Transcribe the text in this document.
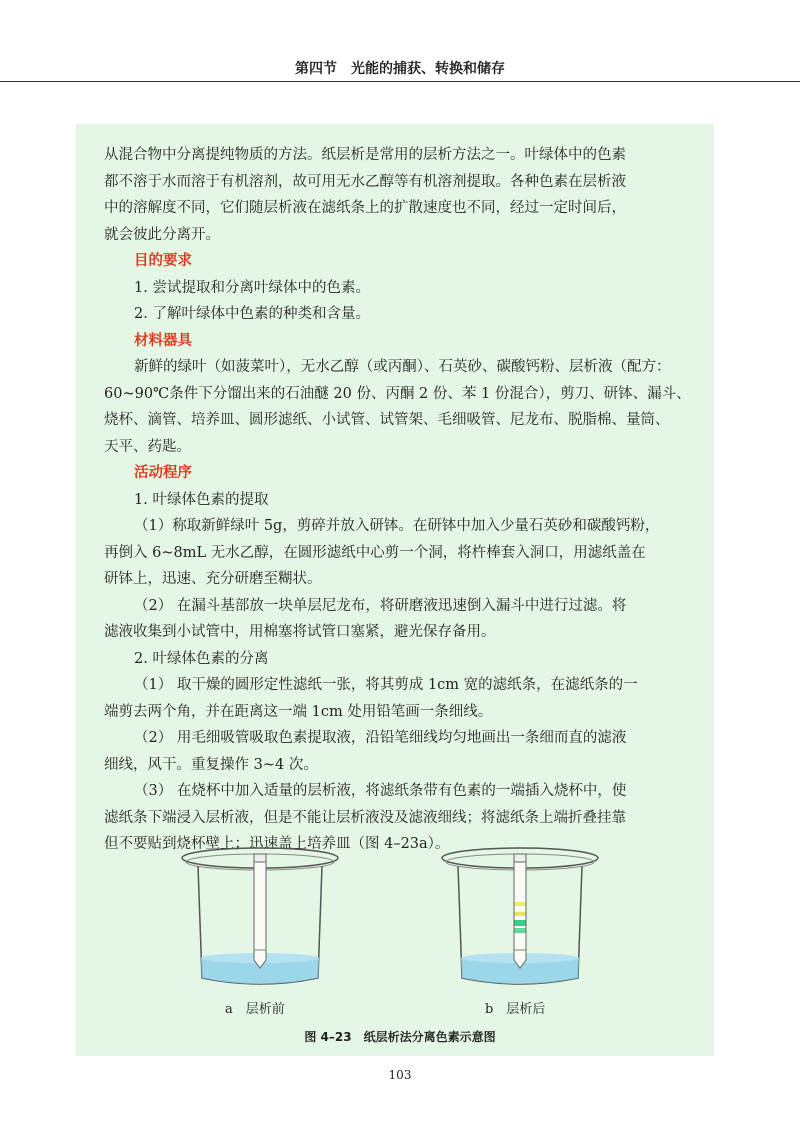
第四节　光能的捕获、转换和储存

从混合物中分离提纯物质的方法。纸层析是常用的层析方法之一。叶绿体中的色素

都不溶于水而溶于有机溶剂，故可用无水乙醇等有机溶剂提取。各种色素在层析液

中的溶解度不同，它们随层析液在滤纸条上的扩散速度也不同，经过一定时间后，

就会彼此分离开。

目的要求

1. 尝试提取和分离叶绿体中的色素。

2. 了解叶绿体中色素的种类和含量。

材料器具

新鲜的绿叶（如菠菜叶），无水乙醇（或丙酮）、石英砂、碳酸钙粉、层析液（配方：

60~90℃条件下分馏出来的石油醚 20 份、丙酮 2 份、苯 1 份混合），剪刀、研钵、漏斗、

烧杯、滴管、培养皿、圆形滤纸、小试管、试管架、毛细吸管、尼龙布、脱脂棉、量筒、

天平、药匙。

活动程序

1. 叶绿体色素的提取

（1）称取新鲜绿叶 5g，剪碎并放入研钵。在研钵中加入少量石英砂和碳酸钙粉，

再倒入 6~8mL 无水乙醇，在圆形滤纸中心剪一个洞，将杵棒套入洞口，用滤纸盖在

研钵上，迅速、充分研磨至糊状。

（2） 在漏斗基部放一块单层尼龙布，将研磨液迅速倒入漏斗中进行过滤。将

滤液收集到小试管中，用棉塞将试管口塞紧，避光保存备用。

2. 叶绿体色素的分离

（1） 取干燥的圆形定性滤纸一张，将其剪成 1cm 宽的滤纸条，在滤纸条的一

端剪去两个角，并在距离这一端 1cm 处用铅笔画一条细线。

（2） 用毛细吸管吸取色素提取液，沿铅笔细线均匀地画出一条细而直的滤液

细线，风干。重复操作 3~4 次。

（3） 在烧杯中加入适量的层析液，将滤纸条带有色素的一端插入烧杯中，使

滤纸条下端浸入层析液，但是不能让层析液没及滤液细线；将滤纸条上端折叠挂靠

但不要贴到烧杯壁上；迅速盖上培养皿（图 4–23a）。

a　层析前	b　层析后
图 4–23　纸层析法分离色素示意图
103
